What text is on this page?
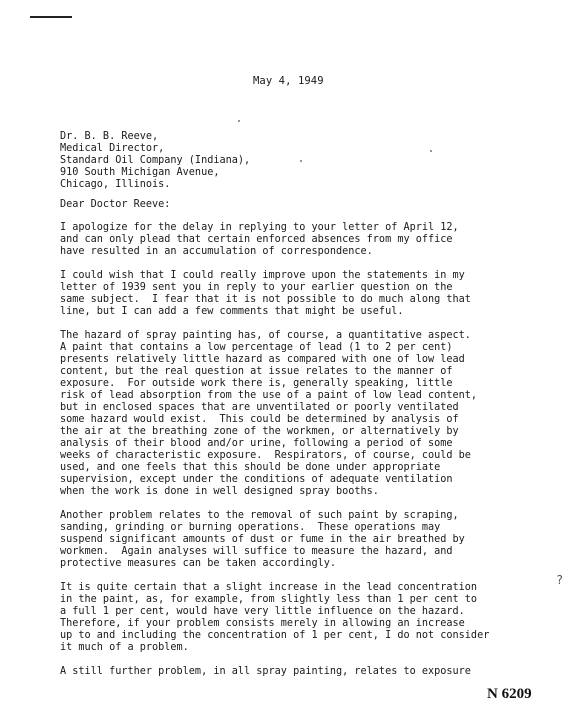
May 4, 1949
Dr. B. B. Reeve,
Medical Director,
Standard Oil Company (Indiana),
910 South Michigan Avenue,
Chicago, Illinois.
Dear Doctor Reeve:
I apologize for the delay in replying to your letter of April 12,
and can only plead that certain enforced absences from my office
have resulted in an accumulation of correspondence.
I could wish that I could really improve upon the statements in my
letter of 1939 sent you in reply to your earlier question on the
same subject.  I fear that it is not possible to do much along that
line, but I can add a few comments that might be useful.
The hazard of spray painting has, of course, a quantitative aspect.
A paint that contains a low percentage of lead (1 to 2 per cent)
presents relatively little hazard as compared with one of low lead
content, but the real question at issue relates to the manner of
exposure.  For outside work there is, generally speaking, little
risk of lead absorption from the use of a paint of low lead content,
but in enclosed spaces that are unventilated or poorly ventilated
some hazard would exist.  This could be determined by analysis of
the air at the breathing zone of the workmen, or alternatively by
analysis of their blood and/or urine, following a period of some
weeks of characteristic exposure.  Respirators, of course, could be
used, and one feels that this should be done under appropriate
supervision, except under the conditions of adequate ventilation
when the work is done in well designed spray booths.
Another problem relates to the removal of such paint by scraping,
sanding, grinding or burning operations.  These operations may
suspend significant amounts of dust or fume in the air breathed by
workmen.  Again analyses will suffice to measure the hazard, and
protective measures can be taken accordingly.
It is quite certain that a slight increase in the lead concentration
in the paint, as, for example, from slightly less than 1 per cent to
a full 1 per cent, would have very little influence on the hazard.
Therefore, if your problem consists merely in allowing an increase
up to and including the concentration of 1 per cent, I do not consider
it much of a problem.
A still further problem, in all spray painting, relates to exposure
?
N 6209
